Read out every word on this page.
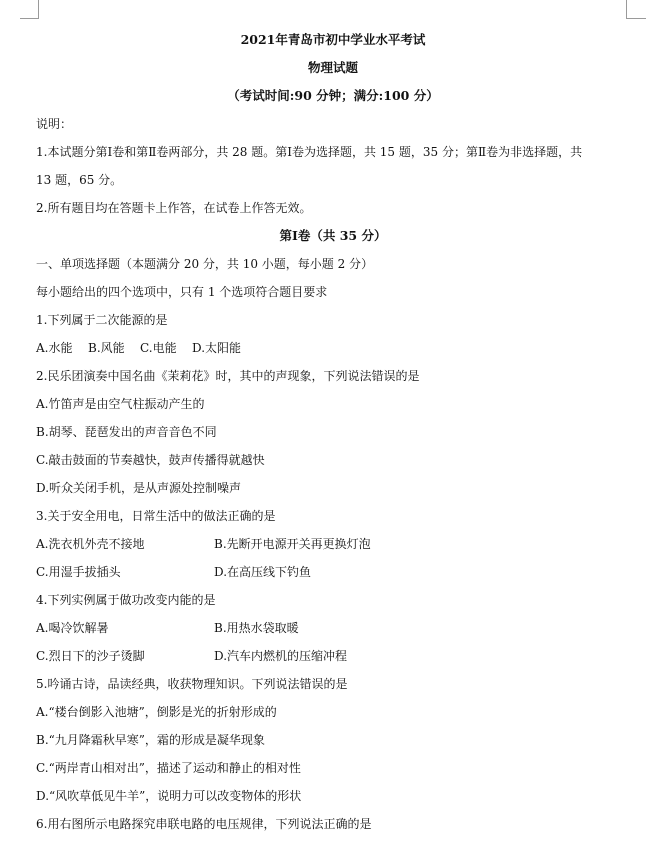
2021年青岛市初中学业水平考试
物理试题
（考试时间:90 分钟；满分:100 分）
说明：
1.本试题分第Ⅰ卷和第Ⅱ卷两部分，共 28 题。第Ⅰ卷为选择题，共 15 题，35 分；第Ⅱ卷为非选择题，共
13 题，65 分。
2.所有题目均在答题卡上作答，在试卷上作答无效。
第Ⅰ卷（共 35 分）
一、单项选择题（本题满分 20 分，共 10 小题，每小题 2 分）
每小题给出的四个选项中，只有 1 个选项符合题目要求
1.下列属于二次能源的是
A.水能	B.风能	C.电能	D.太阳能
2.民乐团演奏中国名曲《茉莉花》时，其中的声现象，下列说法错误的是
A.竹笛声是由空气柱振动产生的
B.胡琴、琵琶发出的声音音色不同
C.敲击鼓面的节奏越快，鼓声传播得就越快
D.听众关闭手机，是从声源处控制噪声
3.关于安全用电，日常生活中的做法正确的是
A.洗衣机外壳不接地	B.先断开电源开关再更换灯泡
C.用湿手拔插头	D.在高压线下钓鱼
4.下列实例属于做功改变内能的是
A.喝冷饮解暑	B.用热水袋取暖
C.烈日下的沙子烫脚	D.汽车内燃机的压缩冲程
5.吟诵古诗，品读经典，收获物理知识。下列说法错误的是
A.“楼台倒影入池塘”，倒影是光的折射形成的
B.“九月降霜秋早寒”，霜的形成是凝华现象
C.“两岸青山相对出”，描述了运动和静止的相对性
D.“风吹草低见牛羊”，说明力可以改变物体的形状
6.用右图所示电路探究串联电路的电压规律，下列说法正确的是
